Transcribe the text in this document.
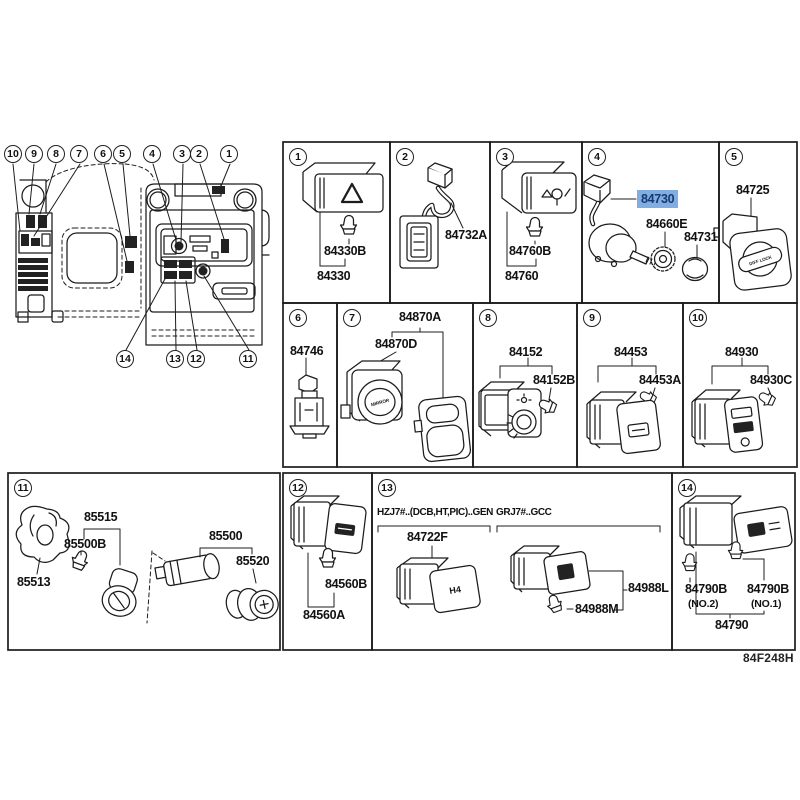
DIFF LOCK
MIRROR
H4
10	9	8	7	6	5	4	3	2	1
14	13 12	11
1	2	3	4	5
6	7	8	9	10
11	12	13	14
84330B
84330
84732A
84760B
84760
84730
84660E
84731
84725
84746
84870A
84870D
84152
84152B
84453
84453A
84930
84930C
85515
85500B
85513
85500
85520
84560B
84560A
HZJ7#..(DCB,HT,PIC)..GEN GRJ7#..GCC
84722F
84988L
84988M
84790B
(NO.2)
84790B
(NO.1)
84790
84F248H
